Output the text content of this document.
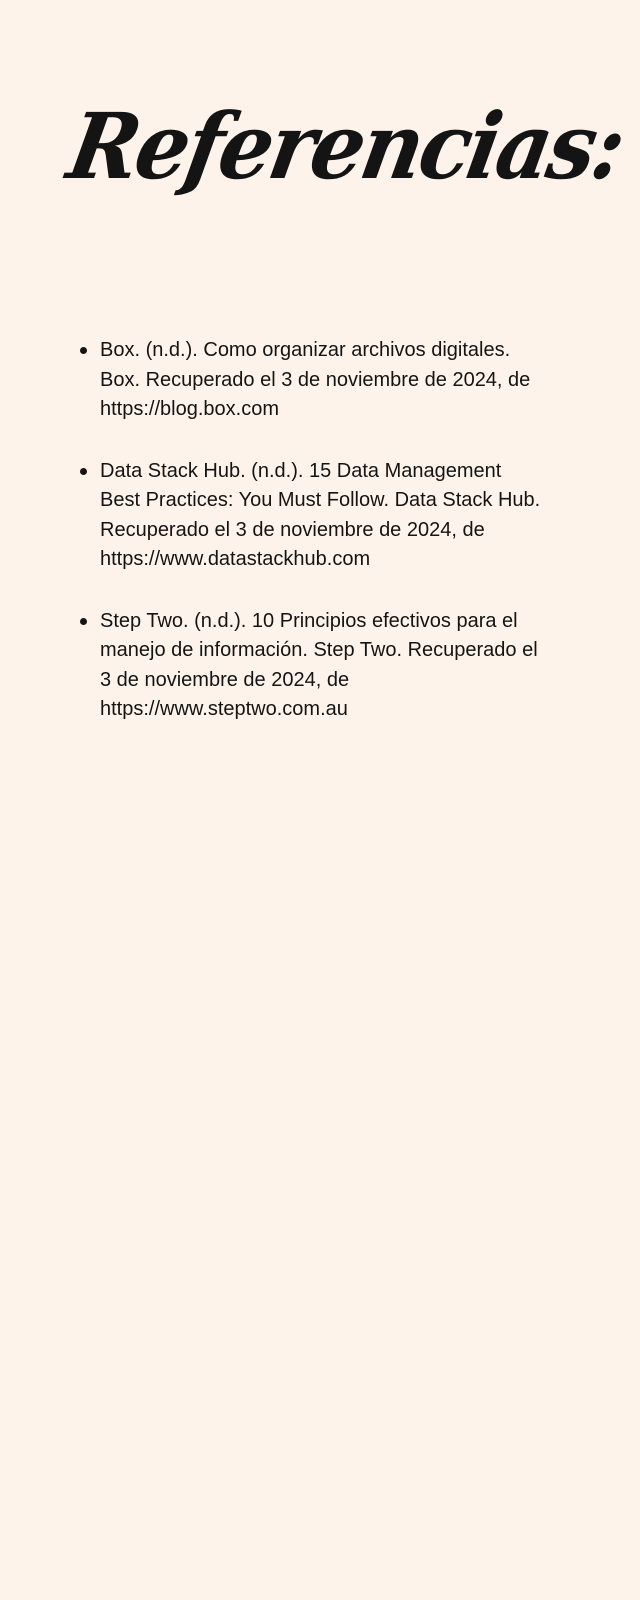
Referencias:
Box. (n.d.). Como organizar archivos digitales.
Box. Recuperado el 3 de noviembre de 2024, de
https://blog.box.com
Data Stack Hub. (n.d.). 15 Data Management
Best Practices: You Must Follow. Data Stack Hub.
Recuperado el 3 de noviembre de 2024, de
https://www.datastackhub.com
Step Two. (n.d.). 10 Principios efectivos para el
manejo de información. Step Two. Recuperado el
3 de noviembre de 2024, de
https://www.steptwo.com.au
